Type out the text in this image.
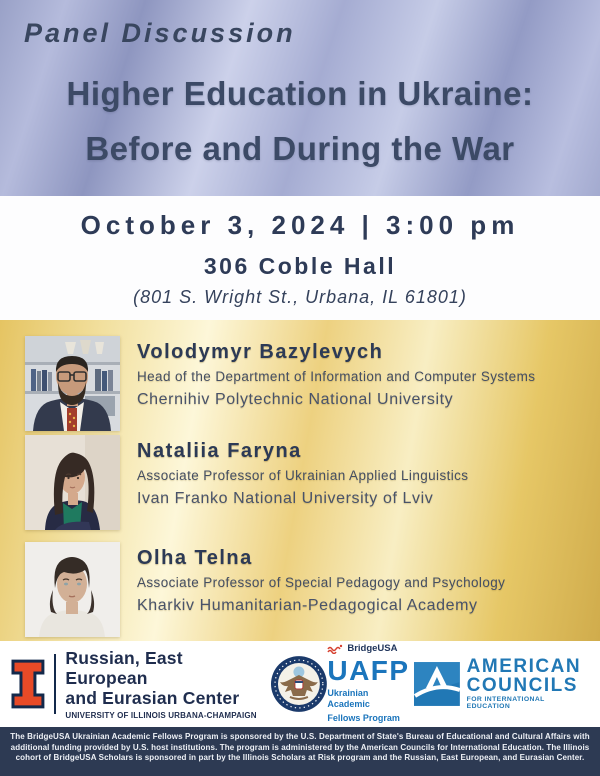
Panel Discussion
Higher Education in Ukraine:
Before and During the War
October 3, 2024 | 3:00 pm
306 Coble Hall
(801 S. Wright St., Urbana, IL 61801)
Volodymyr Bazylevych
Head of the Department of Information and Computer Systems
Chernihiv Polytechnic National University
Nataliia Faryna
Associate Professor of Ukrainian Applied Linguistics
Ivan Franko National University of Lviv
Olha Telna
Associate Professor of Special Pedagogy and Psychology
Kharkiv Humanitarian-Pedagogical Academy
Russian, East European
and Eurasian Center
UNIVERSITY OF ILLINOIS URBANA-CHAMPAIGN
BridgeUSA
UAFP
Ukrainian Academic
Fellows Program
AMERICAN
COUNCILS
FOR INTERNATIONAL EDUCATION
The BridgeUSA Ukrainian Academic Fellows Program is sponsored by the U.S. Department of State's Bureau of Educational and Cultural Affairs with additional funding provided by U.S. host institutions. The program is administered by the American Councils for International Education. The Illinois cohort of BridgeUSA Scholars is sponsored in part by the Illinois Scholars at Risk program and the Russian, East European, and Eurasian Center.
